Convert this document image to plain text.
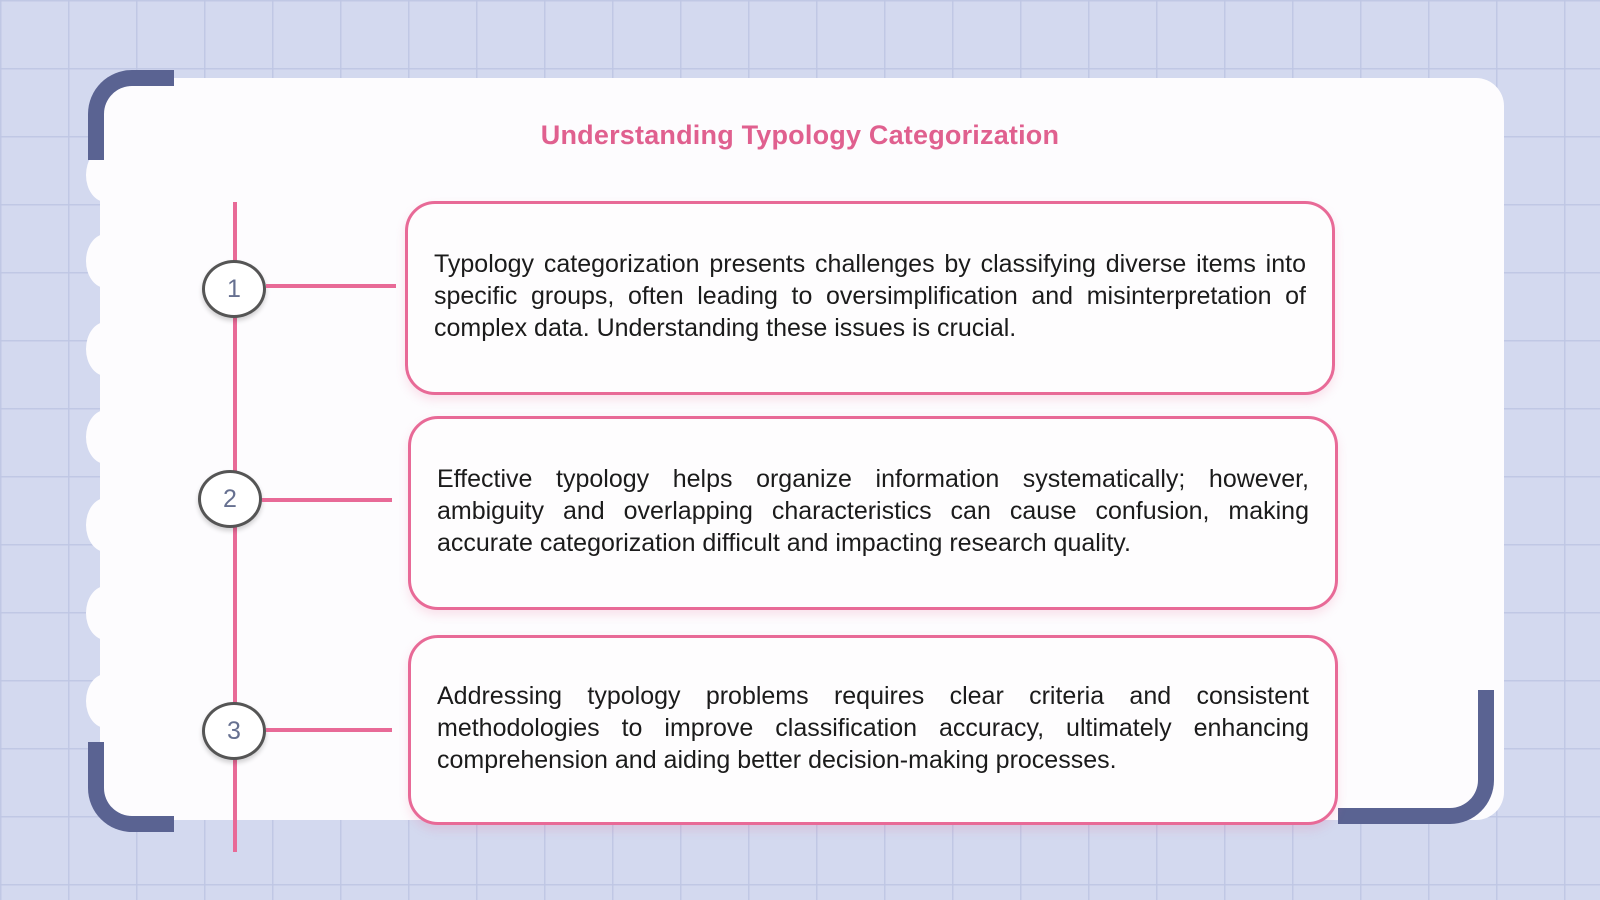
Understanding Typology Categorization
1

Typology categorization presents challenges by classifying diverse items into specific groups, often leading to oversimplification and misinterpretation of complex data. Understanding these issues is crucial.

2

Effective typology helps organize information systematically; however, ambiguity and overlapping characteristics can cause confusion, making accurate categorization difficult and impacting research quality.

3

Addressing typology problems requires clear criteria and consistent methodologies to improve classification accuracy, ultimately enhancing comprehension and aiding better decision-making processes.
